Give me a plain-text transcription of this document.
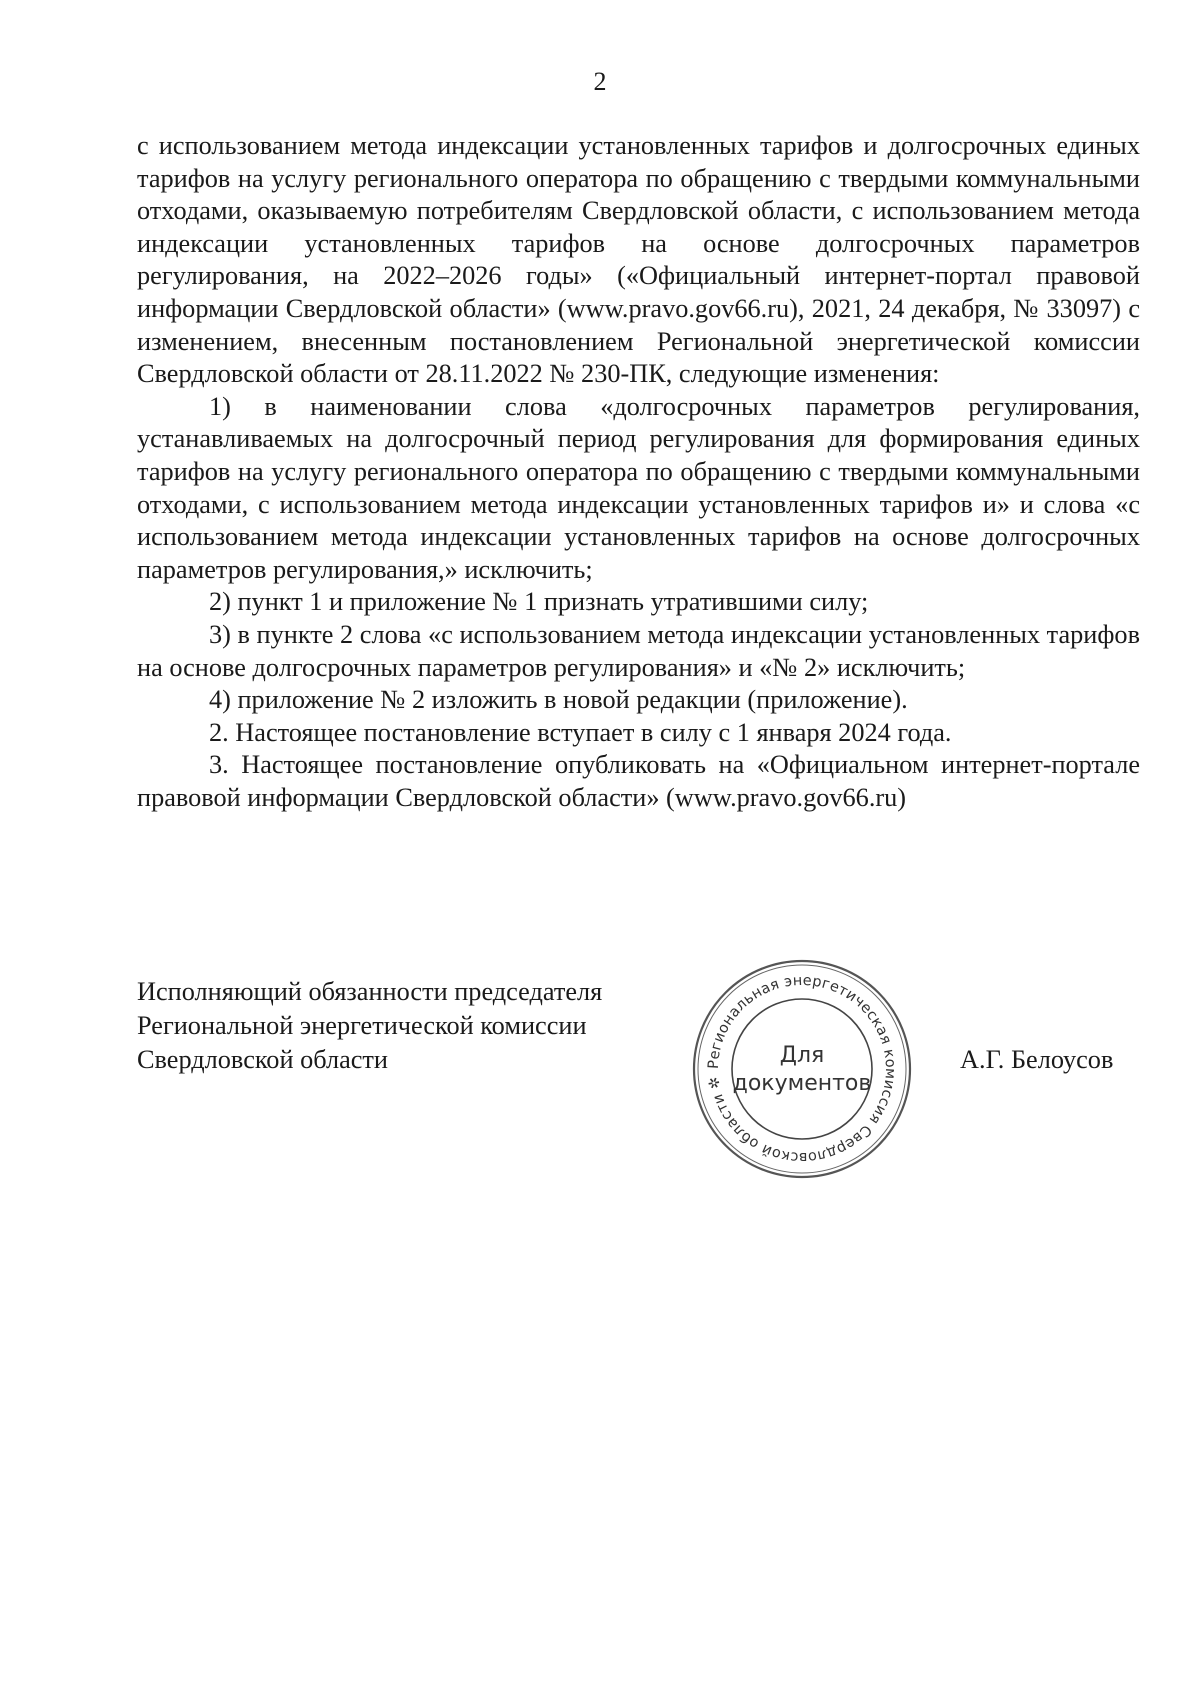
2

с использованием метода индексации установленных тарифов и долгосрочных единых тарифов на услугу регионального оператора по обращению с твердыми коммунальными отходами, оказываемую потребителям Свердловской области, с использованием метода индексации установленных тарифов на основе долгосрочных параметров регулирования, на 2022–2026 годы» («Официальный интернет-портал правовой информации Свердловской области» (www.pravo.gov66.ru), 2021, 24 декабря, № 33097) с изменением, внесенным постановлением Региональной энергетической комиссии Свердловской области от 28.11.2022 № 230-ПК, следующие изменения:

1) в наименовании слова «долгосрочных параметров регулирования, устанавливаемых на долгосрочный период регулирования для формирования единых тарифов на услугу регионального оператора по обращению с твердыми коммунальными отходами, с использованием метода индексации установленных тарифов и» и слова «с использованием метода индексации установленных тарифов на основе долгосрочных параметров регулирования,» исключить;

2) пункт 1 и приложение № 1 признать утратившими силу;

3) в пункте 2 слова «с использованием метода индексации установленных тарифов на основе долгосрочных параметров регулирования» и «№ 2» исключить;

4) приложение № 2 изложить в новой редакции (приложение).

2. Настоящее постановление вступает в силу с 1 января 2024 года.

3. Настоящее постановление опубликовать на «Официальном интернет-портале правовой информации Свердловской области» (www.pravo.gov66.ru)

Исполняющий обязанности председателя
Региональной энергетической комиссии
Свердловской области	Региональная энергетическая комиссия Свердловской области ✲
Для
документов
А.Г. Белоусов
